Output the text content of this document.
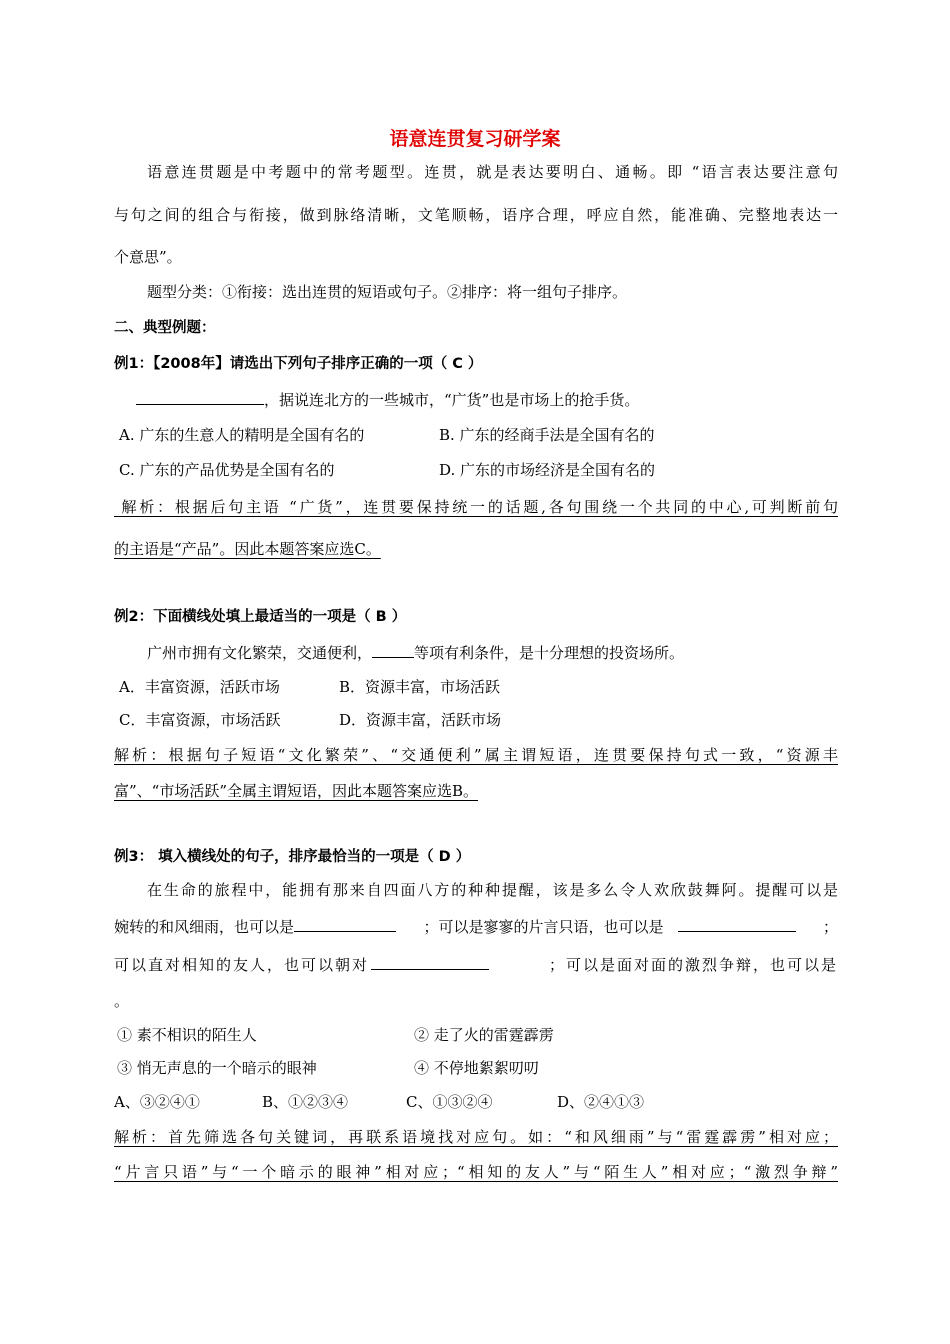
语意连贯复习研学案
语意连贯题是中考题中的常考题型。连贯，就是表达要明白、通畅。即 “语言表达要注意句
与句之间的组合与衔接，做到脉络清晰，文笔顺畅，语序合理，呼应自然，能准确、完整地表达一
个意思”。
题型分类：①衔接：选出连贯的短语或句子。②排序：将一组句子排序。
二、典型例题：
例1：【2008年】请选出下列句子排序正确的一项（ C ）
，据说连北方的一些城市，“广货”也是市场上的抢手货。
A. 广东的生意人的精明是全国有名的	B. 广东的经商手法是全国有名的
C. 广东的产品优势是全国有名的	D. 广东的市场经济是全国有名的
解析：根据后句主语 “广货”，连贯要保持统一的话题,各句围绕一个共同的中心,可判断前句
的主语是“产品”。因此本题答案应选C。
例2：下面横线处填上最适当的一项是（ B ）
广州市拥有文化繁荣，交通便利，	等项有利条件，是十分理想的投资场所。
A．丰富资源，活跃市场	B．资源丰富，市场活跃
C．丰富资源，市场活跃	D．资源丰富，活跃市场
解析：根据句子短语“文化繁荣”、“交通便利”属主谓短语，连贯要保持句式一致，“资源丰
富”、“市场活跃”全属主谓短语，因此本题答案应选B。
例3： 填入横线处的句子，排序最恰当的一项是（ D ）
在生命的旅程中，能拥有那来自四面八方的种种提醒，该是多么令人欢欣鼓舞阿。提醒可以是
婉转的和风细雨，也可以是	；可以是寥寥的片言只语，也可以是	；
可以直对相知的友人，也可以朝对	；可以是面对面的激烈争辩，也可以是
。
① 素不相识的陌生人	② 走了火的雷霆霹雳
③ 悄无声息的一个暗示的眼神	④ 不停地絮絮叨叨
A、③②④①	B、①②③④	C、①③②④	D、②④①③
解析：首先筛选各句关键词，再联系语境找对应句。如：“和风细雨”与“雷霆霹雳”相对应；
“片言只语”与“一个暗示的眼神”相对应；“相知的友人”与“陌生人”相对应；“激烈争辩”
